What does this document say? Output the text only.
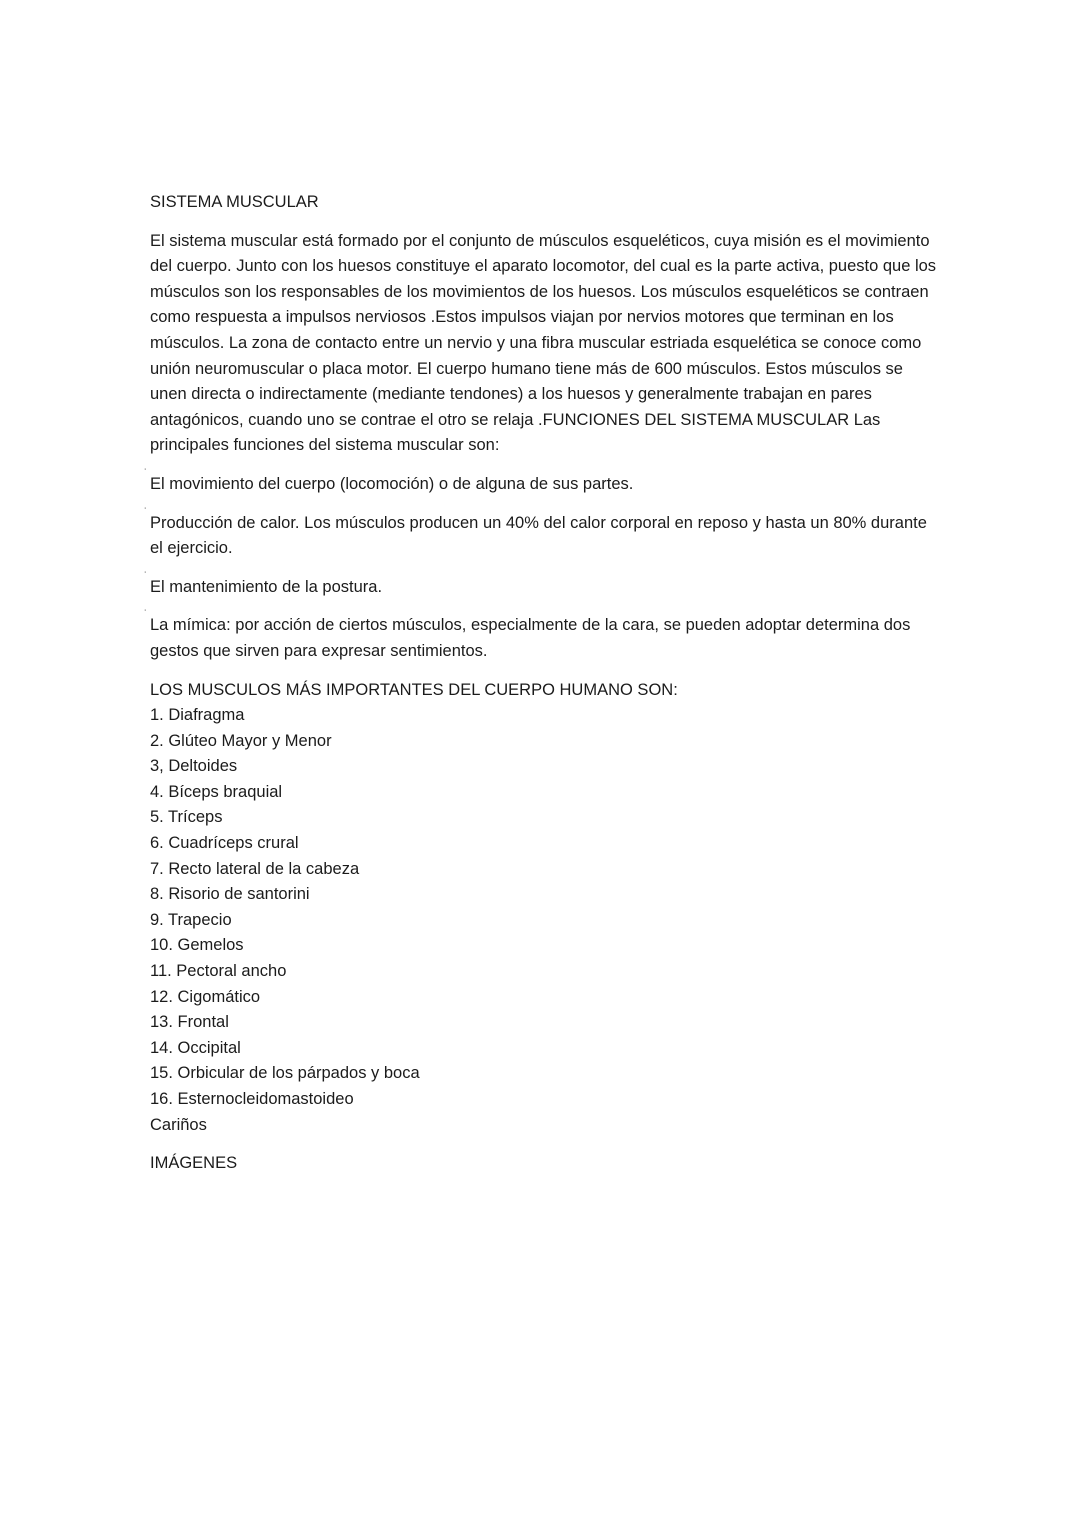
SISTEMA MUSCULAR
El sistema muscular está formado por el conjunto de músculos esqueléticos, cuya misión es el movimiento del cuerpo. Junto con los huesos constituye el aparato locomotor, del cual es la parte activa, puesto que los músculos son los responsables de los movimientos de los huesos. Los músculos esqueléticos se contraen como respuesta a impulsos nerviosos .Estos impulsos viajan por nervios motores que terminan en los músculos. La zona de contacto entre un nervio y una fibra muscular estriada esquelética se conoce como unión neuromuscular o placa motor. El cuerpo humano tiene más de 600 músculos. Estos músculos se unen directa o indirectamente (mediante tendones) a los huesos y generalmente trabajan en pares antagónicos, cuando uno se contrae el otro se relaja .FUNCIONES DEL SISTEMA MUSCULAR Las principales funciones del sistema muscular son:
˙
El movimiento del cuerpo (locomoción) o de alguna de sus partes.
˙
Producción de calor. Los músculos producen un 40% del calor corporal en reposo y hasta un 80% durante el ejercicio.
˙
El mantenimiento de la postura.
˙
La mímica: por acción de ciertos músculos, especialmente de la cara, se pueden adoptar determina dos gestos que sirven para expresar sentimientos.
LOS MUSCULOS MÁS IMPORTANTES DEL CUERPO HUMANO SON:
1. Diafragma
2. Glúteo Mayor y Menor
3, Deltoides
4. Bíceps braquial
5. Tríceps
6. Cuadríceps crural
7. Recto lateral de la cabeza
8. Risorio de santorini
9. Trapecio
10. Gemelos
11. Pectoral ancho
12. Cigomático
13. Frontal
14. Occipital
15. Orbicular de los párpados y boca
16. Esternocleidomastoideo
Cariños
IMÁGENES
